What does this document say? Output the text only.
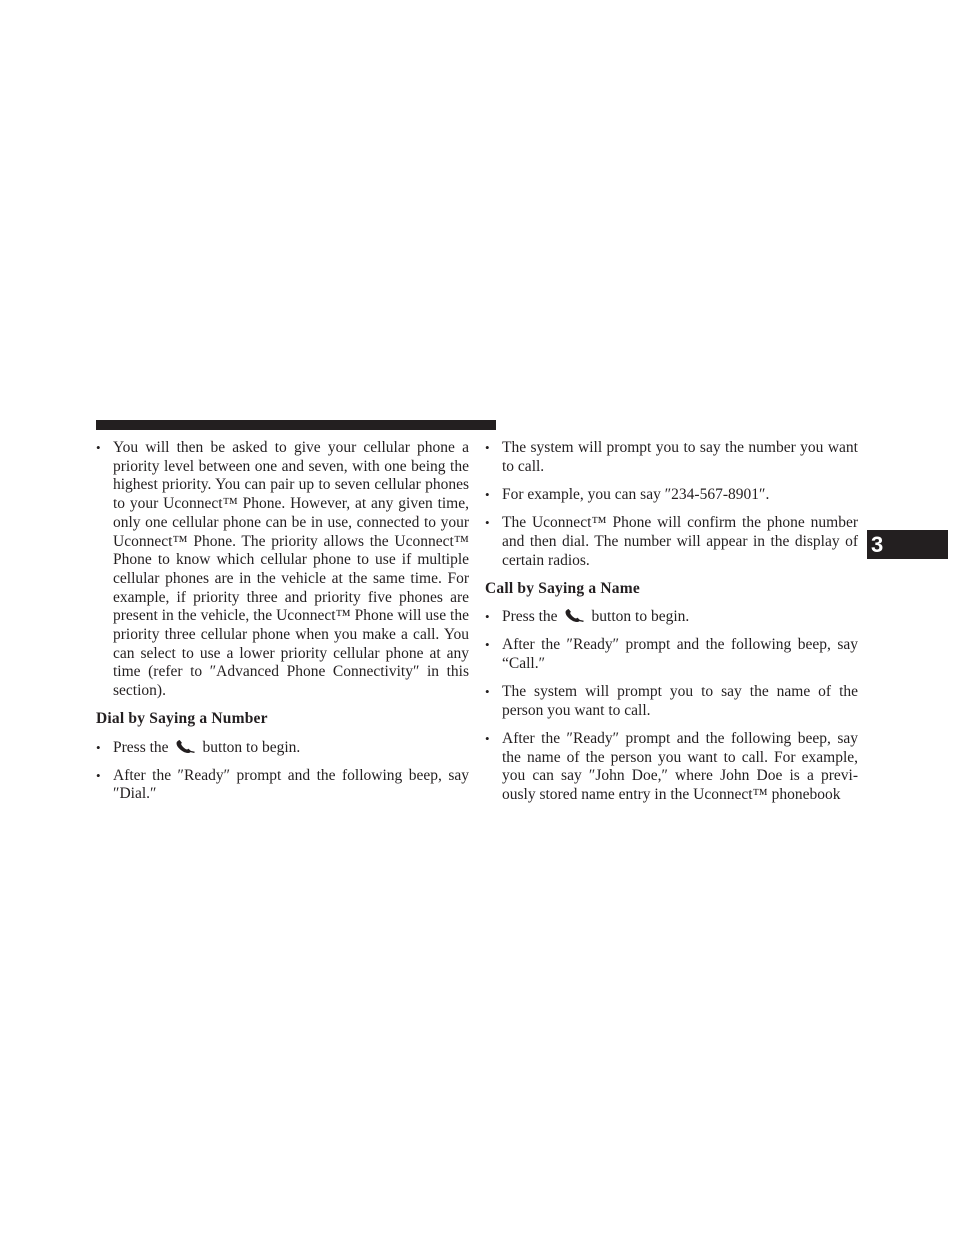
• You will then be asked to give your cellular phone a priority level between one and seven, with one being the highest priority. You can pair up to seven cellular phones to your Uconnect™ Phone. However, at any given time, only one cellular phone can be in use, connected to your Uconnect™ Phone. The priority allows the Uconnect™ Phone to know which cellular phone to use if multiple cellular phones are in the vehicle at the same time. For example, if priority three and priority five phones are present in the vehicle, the Uconnect™ Phone will use the priority three cellular phone when you make a call. You can select to use a lower priority cellular phone at any time (refer to ″Advanced Phone Connectivity″ in this section).
Dial by Saying a Number
• Press the button to begin.
• After the ″Ready″ prompt and the following beep, say ″Dial.″
• The system will prompt you to say the number you want to call.
• For example, you can say ″234-567-8901″.
• The Uconnect™ Phone will confirm the phone number and then dial. The number will appear in the display of certain radios.
Call by Saying a Name
• Press the button to begin.
• After the ″Ready″ prompt and the following beep, say “Call.″
• The system will prompt you to say the name of the person you want to call.
• After the ″Ready″ prompt and the following beep, say the name of the person you want to call. For example, you can say ″John Doe,″ where John Doe is a previ-ously stored name entry in the Uconnect™ phonebook
3
